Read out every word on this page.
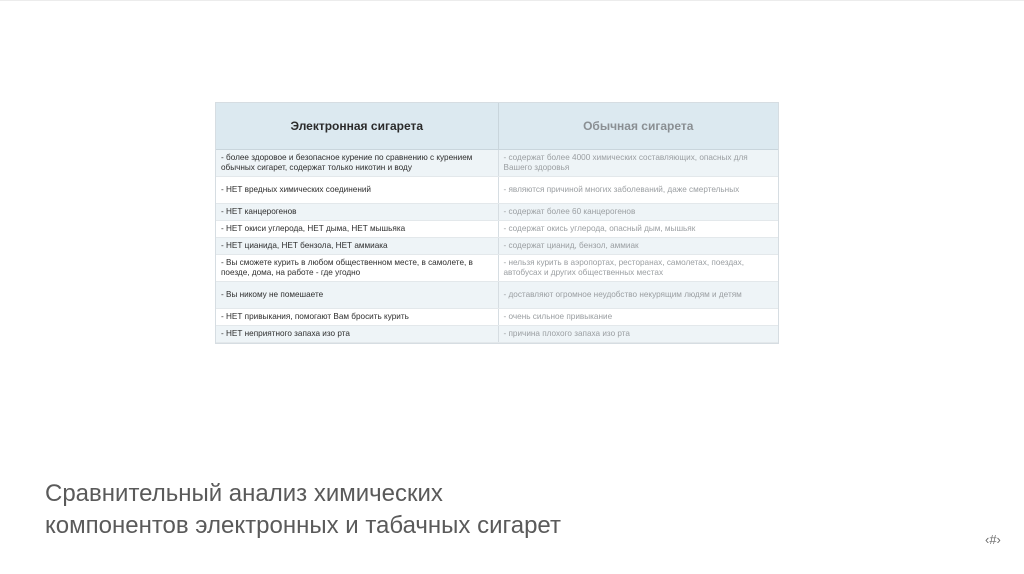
Электронная сигарета	Обычная сигарета
- более здоровое и безопасное курение по сравнению с курением обычных сигарет, содержат только никотин и воду	- содержат более 4000 химических составляющих, опасных для Вашего здоровья
- НЕТ вредных химических соединений	- являются причиной многих заболеваний, даже смертельных
- НЕТ канцерогенов	- содержат более 60 канцерогенов
- НЕТ окиси углерода, НЕТ дыма, НЕТ мышьяка	- содержат окись углерода, опасный дым, мышьяк
- НЕТ цианида, НЕТ бензола, НЕТ аммиака	- содержат цианид, бензол, аммиак
- Вы сможете курить в любом общественном месте, в самолете, в поезде, дома, на работе - где угодно	- нельзя курить в аэропортах, ресторанах, самолетах, поездах, автобусах и других общественных местах
- Вы никому не помешаете	- доставляют огромное неудобство некурящим людям и детям
- НЕТ привыкания, помогают Вам бросить курить	- очень сильное привыкание
- НЕТ неприятного запаха изо рта	- причина плохого запаха изо рта
Сравнительный анализ химических
компонентов электронных и табачных сигарет
‹#›
